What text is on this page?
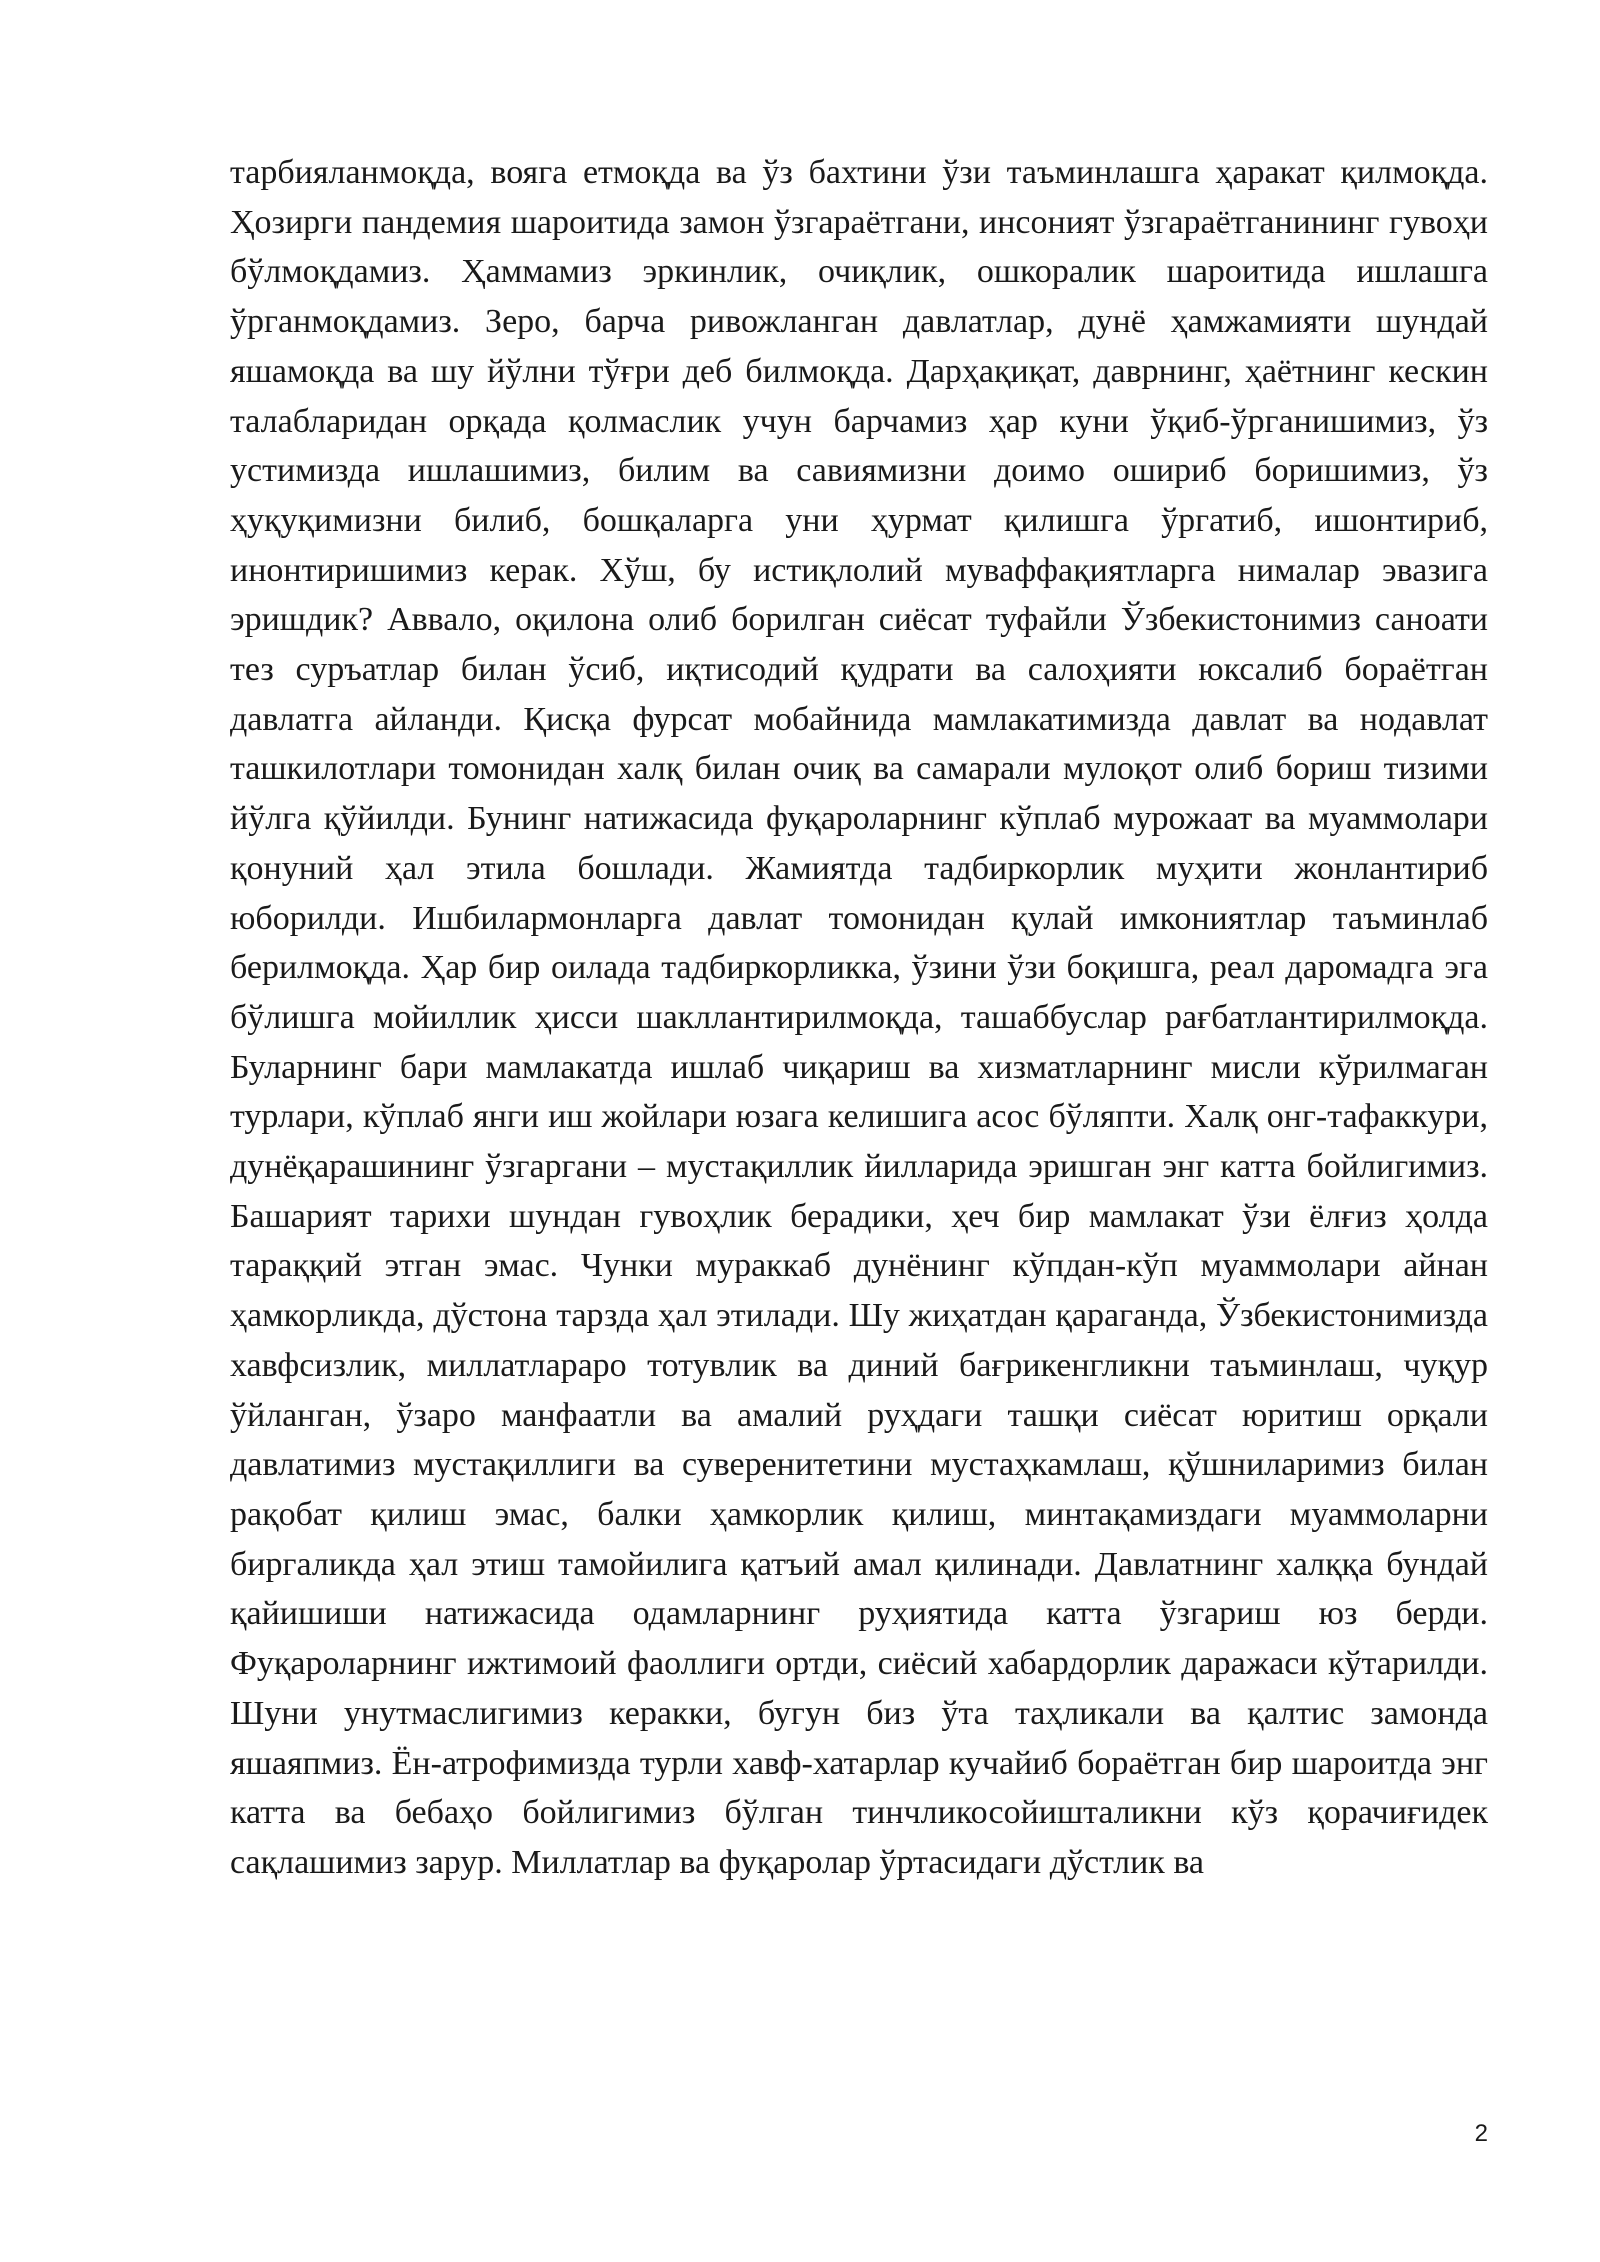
тарбияланмоқда, вояга етмоқда ва ўз бахтини ўзи таъминлашга ҳаракат қилмоқда. Ҳозирги пандемия шароитида замон ўзгараётгани, инсоният ўзгараётганининг гувоҳи бўлмоқдамиз. Ҳаммамиз эркинлик, очиқлик, ошкоралик шароитида ишлашга ўрганмоқдамиз. Зеро, барча ривожланган давлатлар, дунё ҳамжамияти шундай яшамоқда ва шу йўлни тўғри деб билмоқда. Дарҳақиқат, даврнинг, ҳаётнинг кескин талабларидан орқада қолмаслик учун барчамиз ҳар куни ўқиб-ўрганишимиз, ўз устимизда ишлашимиз, билим ва савиямизни доимо ошириб боришимиз, ўз ҳуқуқимизни билиб, бошқаларга уни ҳурмат қилишга ўргатиб, ишонтириб, инонтиришимиз керак. Хўш, бу истиқлолий муваффақиятларга нималар эвазига эришдик? Аввало, оқилона олиб борилган сиёсат туфайли Ўзбекистонимиз саноати тез суръатлар билан ўсиб, иқтисодий қудрати ва салоҳияти юксалиб бораётган давлатга айланди. Қисқа фурсат мобайнида мамлакатимизда давлат ва нодавлат ташкилотлари томонидан халқ билан очиқ ва самарали мулоқот олиб бориш тизими йўлга қўйилди. Бунинг натижасида фуқароларнинг кўплаб мурожаат ва муаммолари қонуний ҳал этила бошлади. Жамиятда тадбиркорлик муҳити жонлантириб юборилди. Ишбилармонларга давлат томонидан қулай имкониятлар таъминлаб берилмоқда. Ҳар бир оилада тадбиркорликка, ўзини ўзи боқишга, реал даромадга эга бўлишга мойиллик ҳисси шакллантирилмоқда, ташаббуслар рағбатлантирилмоқда. Буларнинг бари мамлакатда ишлаб чиқариш ва хизматларнинг мисли кўрилмаган турлари, кўплаб янги иш жойлари юзага келишига асос бўляпти. Халқ онг-тафаккури, дунёқарашининг ўзгаргани – мустақиллик йилларида эришган энг катта бойлигимиз. Башарият тарихи шундан гувоҳлик берадики, ҳеч бир мамлакат ўзи ёлғиз ҳолда тараққий этган эмас. Чунки мураккаб дунёнинг кўпдан-кўп муаммолари айнан ҳамкорликда, дўстона тарзда ҳал этилади. Шу жиҳатдан қараганда, Ўзбекистонимизда хавфсизлик, миллатлараро тотувлик ва диний бағрикенгликни таъминлаш, чуқур ўйланган, ўзаро манфаатли ва амалий руҳдаги ташқи сиёсат юритиш орқали давлатимиз мустақиллиги ва суверенитетини мустаҳкамлаш, қўшниларимиз билан рақобат қилиш эмас, балки ҳамкорлик қилиш, минтақамиздаги муаммоларни биргаликда ҳал этиш тамойилига қатъий амал қилинади. Давлатнинг халққа бундай қайишиши натижасида одамларнинг руҳиятида катта ўзгариш юз берди. Фуқароларнинг ижтимоий фаоллиги ортди, сиёсий хабардорлик даражаси кўтарилди. Шуни унутмаслигимиз керакки, бугун биз ўта таҳликали ва қалтис замонда яшаяпмиз. Ён-атрофимизда турли хавф-хатарлар кучайиб бораётган бир шароитда энг катта ва бебаҳо бойлигимиз бўлган тинчликосойишталикни кўз қорачиғидек сақлашимиз зарур. Миллатлар ва фуқаролар ўртасидаги дўстлик ва

2
